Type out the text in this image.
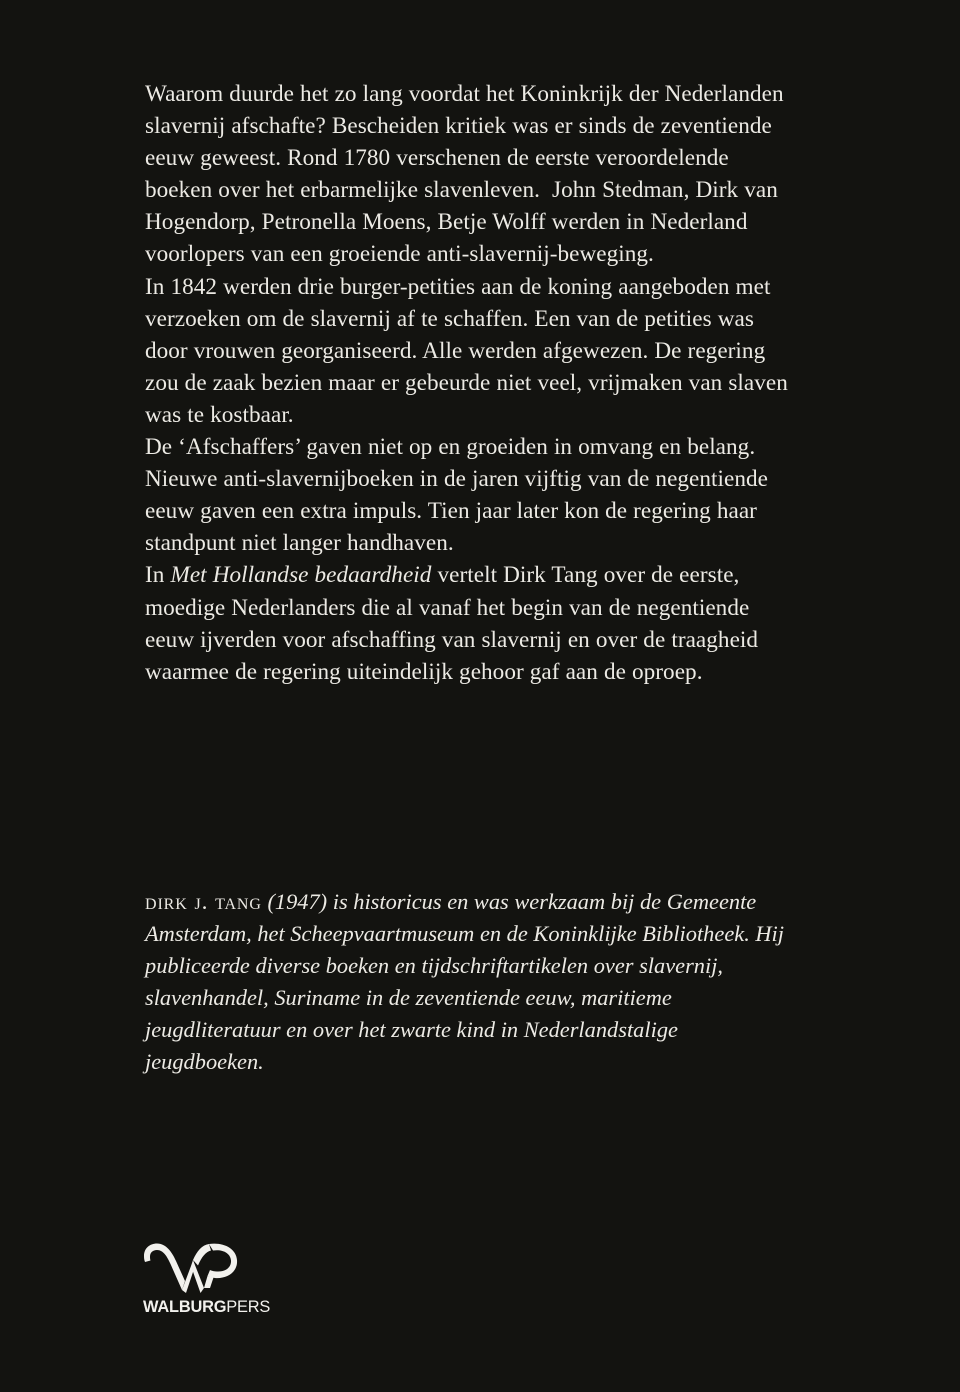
Waarom duurde het zo lang voordat het Koninkrijk der Nederlanden slavernij afschafte? Bescheiden kritiek was er sinds de zeventiende eeuw geweest. Rond 1780 verschenen de eerste veroordelende boeken over het erbarmelijke slavenleven.  John Stedman, Dirk van Hogendorp, Petronella Moens, Betje Wolff werden in Nederland voorlopers van een groeiende anti-slavernij-beweging.

In 1842 werden drie burger-petities aan de koning aangeboden met verzoeken om de slavernij af te schaffen. Een van de petities was door vrouwen georganiseerd. Alle werden afgewezen. De regering zou de zaak bezien maar er gebeurde niet veel, vrijmaken van slaven was te kostbaar.

De ‘Afschaffers’ gaven niet op en groeiden in omvang en belang. Nieuwe anti-slavernijboeken in de jaren vijftig van de negentiende eeuw gaven een extra impuls. Tien jaar later kon de regering haar standpunt niet langer handhaven.

In Met Hollandse bedaardheid vertelt Dirk Tang over de eerste, moedige Nederlanders die al vanaf het begin van de negentiende eeuw ijverden voor afschaffing van slavernij en over de traagheid waarmee de regering uiteindelijk gehoor gaf aan de oproep.

dirk j. tang (1947) is historicus en was werkzaam bij de Gemeente Amsterdam, het Scheepvaartmuseum en de Koninklijke Bibliotheek. Hij publiceerde diverse boeken en tijdschriftartikelen over slavernij, slavenhandel, Suriname in de zeventiende eeuw, maritieme jeugdliteratuur en over het zwarte kind in Nederlandstalige jeugdboeken.

WALBURGPERS
